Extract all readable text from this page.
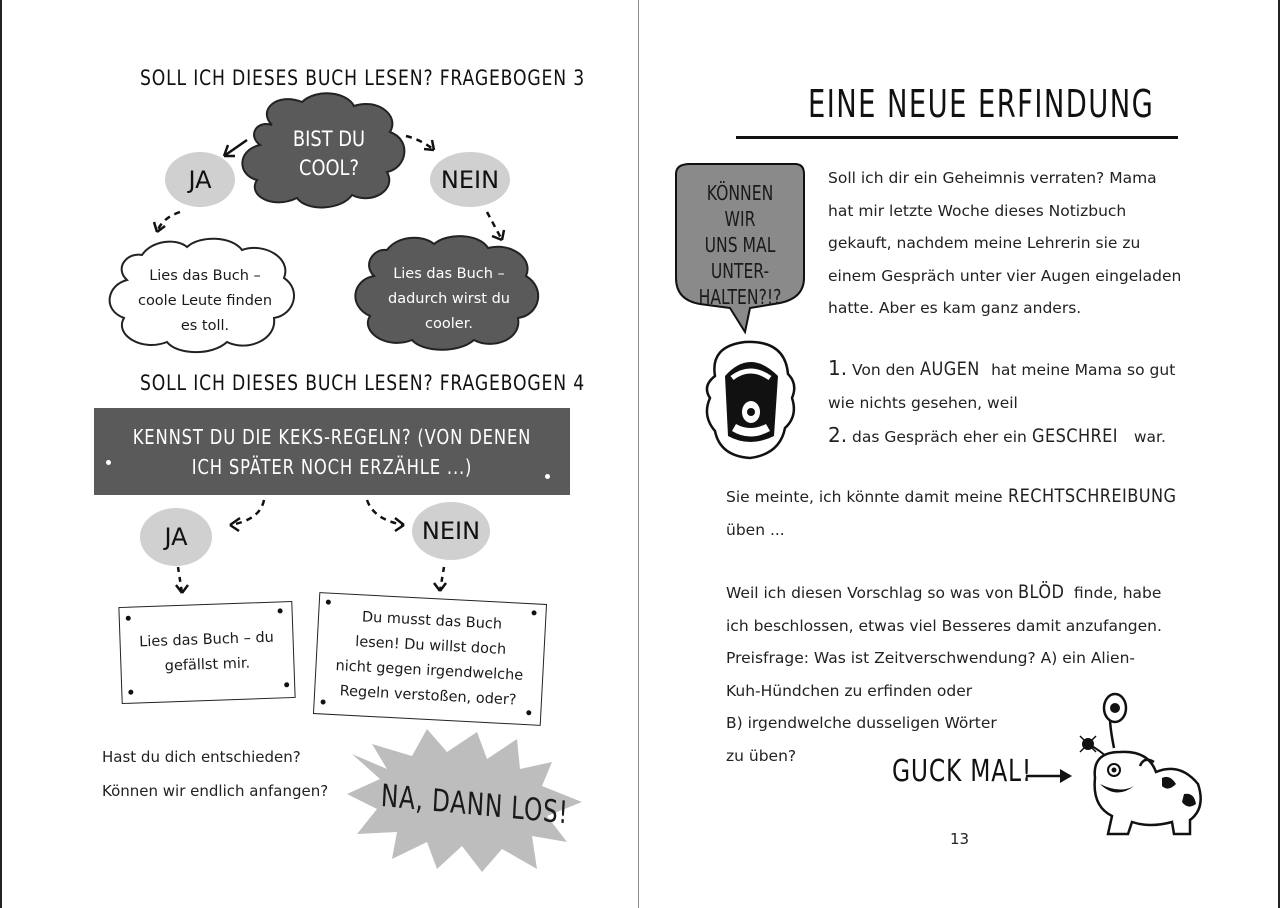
SOLL ICH DIESES BUCH LESEN? FRAGEBOGEN 3
BIST DU
COOL?
JA	NEIN
Lies das Buch –
coole Leute finden
es toll.
Lies das Buch –
dadurch wirst du
cooler.
SOLL ICH DIESES BUCH LESEN? FRAGEBOGEN 4
KENNST DU DIE KEKS-REGELN? (VON DENEN
ICH SPÄTER NOCH ERZÄHLE ...)
JA	NEIN
Lies das Buch – du
gefällst mir.
Du musst das Buch
lesen! Du willst doch
nicht gegen irgendwelche
Regeln verstoßen, oder?
Hast du dich entschieden?
Können wir endlich anfangen? NA, DANN LOS!
EINE NEUE ERFINDUNG
KÖNNEN WIR
UNS MAL
UNTER-
HALTEN?!?
Soll ich dir ein Geheimnis verraten? Mama
hat mir letzte Woche dieses Notizbuch
gekauft, nachdem meine Lehrerin sie zu
einem Gespräch unter vier Augen eingeladen
hatte. Aber es kam ganz anders.
1. Von den AUGEN hat meine Mama so gut
wie nichts gesehen, weil
2. das Gespräch eher ein GESCHREI war.
Sie meinte, ich könnte damit meine RECHTSCHREIBUNG
üben ...
Weil ich diesen Vorschlag so was von BLÖD finde, habe
ich beschlossen, etwas viel Besseres damit anzufangen.
Preisfrage: Was ist Zeitverschwendung? A) ein Alien-
Kuh-Hündchen zu erfinden oder
B) irgendwelche dusseligen Wörter
zu üben?	GUCK MAL!
13
